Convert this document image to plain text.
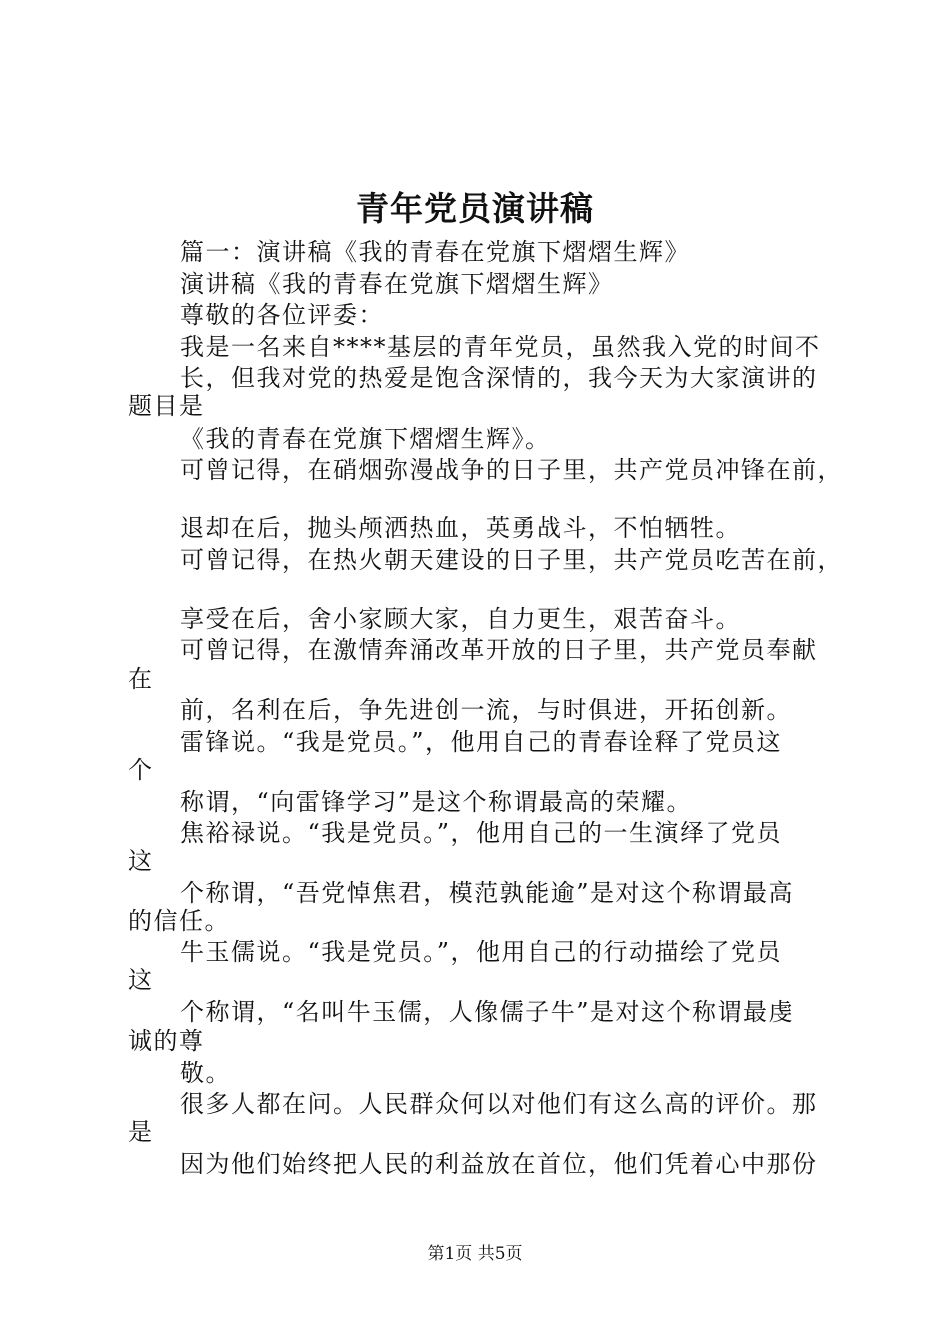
青年党员演讲稿
篇一：演讲稿《我的青春在党旗下熠熠生辉》
演讲稿《我的青春在党旗下熠熠生辉》
尊敬的各位评委：
我是一名来自****基层的青年党员，虽然我入党的时间不
长，但我对党的热爱是饱含深情的，我今天为大家演讲的
题目是
《我的青春在党旗下熠熠生辉》。
可曾记得，在硝烟弥漫战争的日子里，共产党员冲锋在前，
退却在后，抛头颅洒热血，英勇战斗，不怕牺牲。
可曾记得，在热火朝天建设的日子里，共产党员吃苦在前，
享受在后，舍小家顾大家，自力更生，艰苦奋斗。
可曾记得，在激情奔涌改革开放的日子里，共产党员奉献
在
前，名利在后，争先进创一流，与时俱进，开拓创新。
雷锋说。“我是党员。”，他用自己的青春诠释了党员这
个
称谓，“向雷锋学习”是这个称谓最高的荣耀。
焦裕禄说。“我是党员。”，他用自己的一生演绎了党员
这
个称谓，“吾党悼焦君，模范孰能逾”是对这个称谓最高
的信任。
牛玉儒说。“我是党员。”，他用自己的行动描绘了党员
这
个称谓，“名叫牛玉儒，人像儒子牛”是对这个称谓最虔
诚的尊
敬。
很多人都在问。人民群众何以对他们有这么高的评价。那
是
因为他们始终把人民的利益放在首位，他们凭着心中那份
第1页 共5页
